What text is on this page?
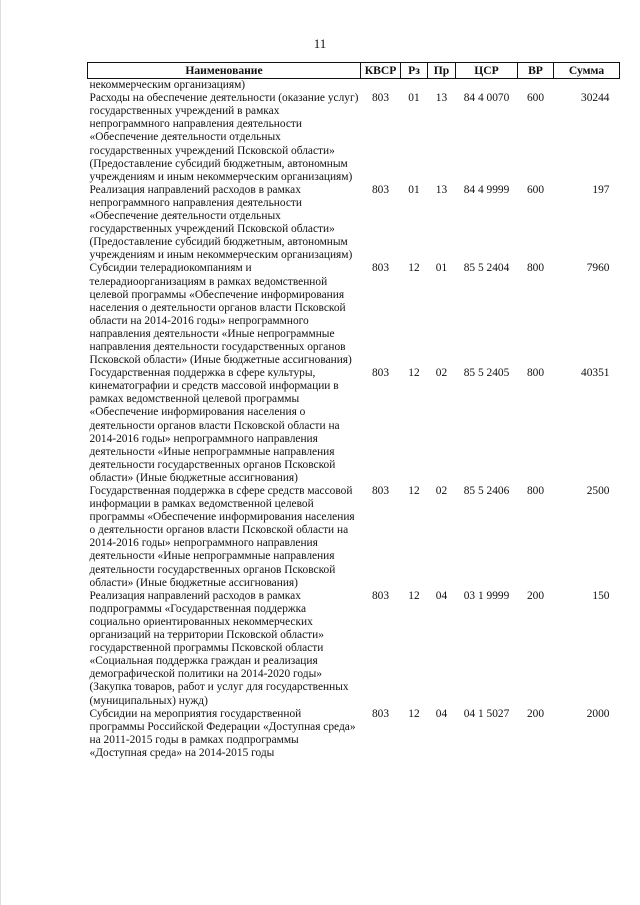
11
Наименование	КВСР	Рз	Пр	ЦСР	ВР	Сумма
некоммерческим организациям)						
Расходы на обеспечение деятельности (оказание услуг) государственных учреждений в рамках непрограммного направления деятельности «Обеспечение деятельности отдельных государственных учреждений Псковской области» (Предоставление субсидий бюджетным, автономным учреждениям и иным некоммерческим организациям)	803	01	13	84 4 0070	600	30244
Реализация направлений расходов в рамках непрограммного направления деятельности «Обеспечение деятельности отдельных государственных учреждений Псковской области» (Предоставление субсидий бюджетным, автономным учреждениям и иным некоммерческим организациям)	803	01	13	84 4 9999	600	197
Субсидии телерадиокомпаниям и телерадиоорганизациям в рамках ведомственной целевой программы «Обеспечение информирования населения о деятельности органов власти Псковской области на 2014-2016 годы» непрограммного направления деятельности «Иные непрограммные направления деятельности государственных органов Псковской области» (Иные бюджетные ассигнования)	803	12	01	85 5 2404	800	7960
Государственная поддержка в сфере культуры, кинематографии и средств массовой информации в рамках ведомственной целевой программы «Обеспечение информирования населения о деятельности органов власти Псковской области на 2014-2016 годы» непрограммного направления деятельности «Иные непрограммные направления деятельности государственных органов Псковской области» (Иные бюджетные ассигнования)	803	12	02	85 5 2405	800	40351
Государственная поддержка в сфере средств массовой информации в рамках ведомственной целевой программы «Обеспечение информирования населения о деятельности органов власти Псковской области на 2014-2016 годы» непрограммного направления деятельности «Иные непрограммные направления деятельности государственных органов Псковской области» (Иные бюджетные ассигнования)	803	12	02	85 5 2406	800	2500
Реализация направлений расходов в рамках подпрограммы «Государственная поддержка социально ориентированных некоммерческих организаций на территории Псковской области» государственной программы Псковской области «Социальная поддержка граждан и реализация демографической политики на 2014-2020 годы» (Закупка товаров, работ и услуг для государственных (муниципальных) нужд)	803	12	04	03 1 9999	200	150
Субсидии на мероприятия государственной программы Российской Федерации «Доступная среда» на 2011-2015 годы в рамках подпрограммы «Доступная среда» на 2014-2015 годы	803	12	04	04 1 5027	200	2000
